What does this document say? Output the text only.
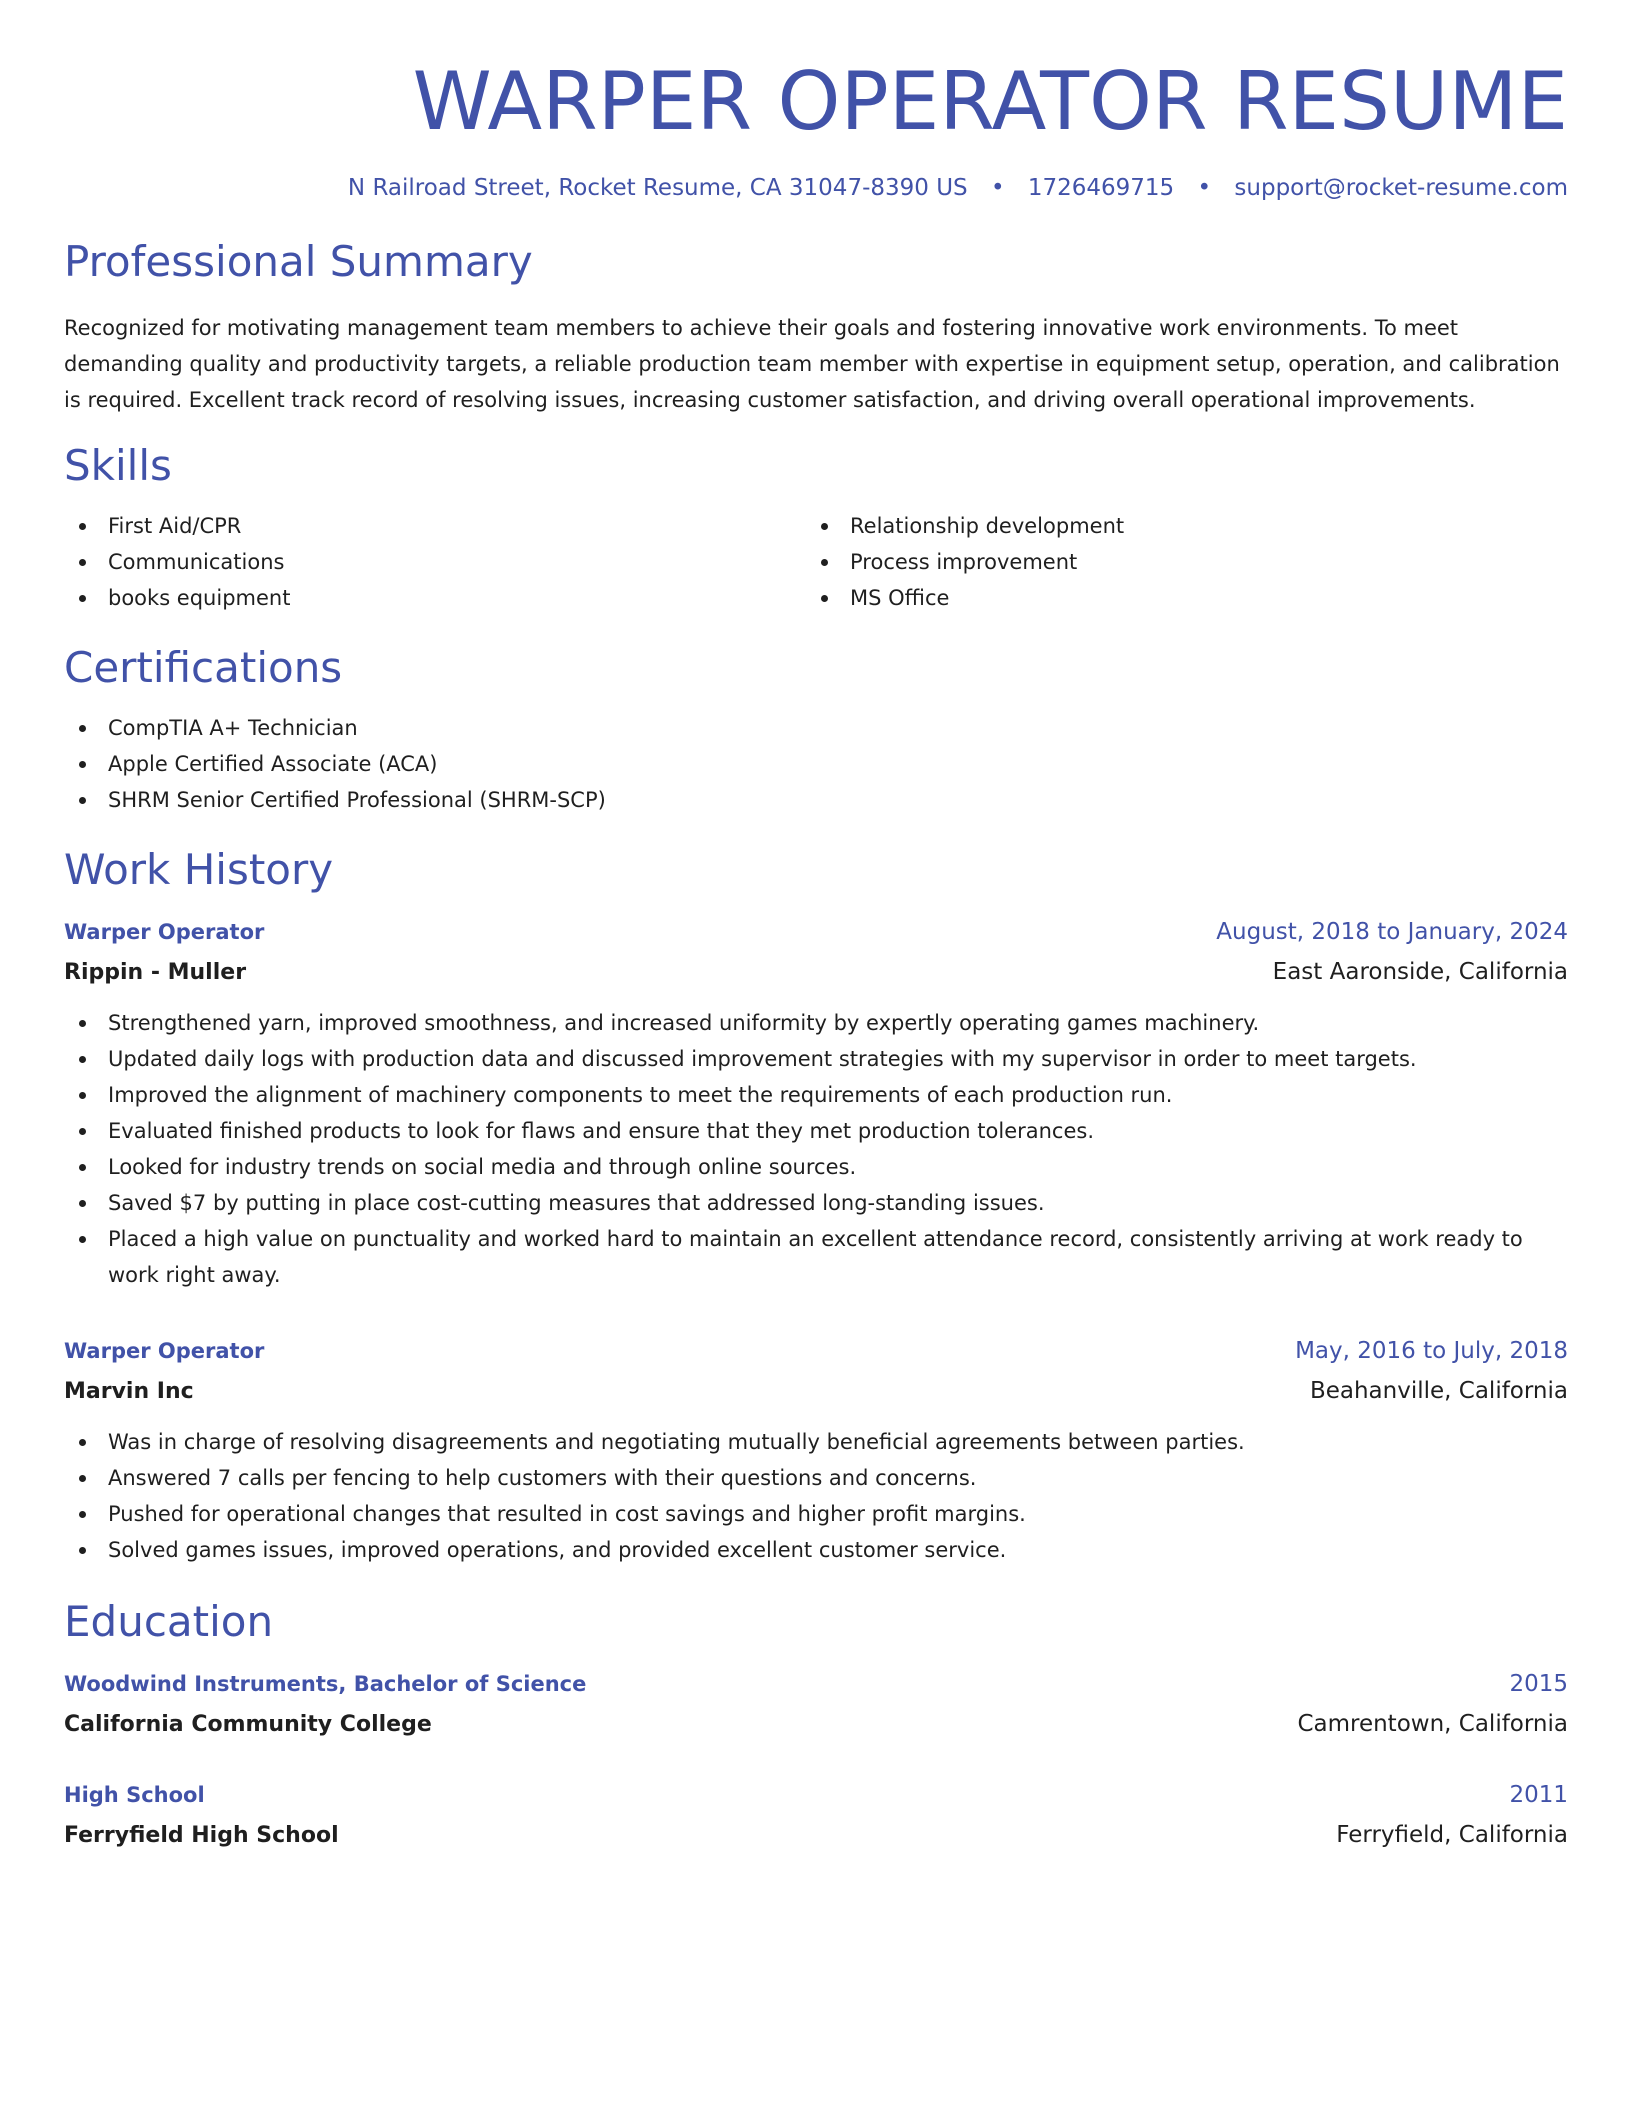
WARPER OPERATOR RESUME
N Railroad Street, Rocket Resume, CA 31047-8390 US • 1726469715 • support@rocket-resume.com
Professional Summary

Recognized for motivating management team members to achieve their goals and fostering innovative work environments. To meet demanding quality and productivity targets, a reliable production team member with expertise in equipment setup, operation, and calibration is required. Excellent track record of resolving issues, increasing customer satisfaction, and driving overall operational improvements.

Skills
First Aid/CPR
Communications
books equipment
Relationship development
Process improvement
MS Office
Certifications
CompTIA A+ Technician
Apple Certified Associate (ACA)
SHRM Senior Certified Professional (SHRM-SCP)
Work History
Warper Operator	August, 2018 to January, 2024
Rippin - Muller	East Aaronside, California
Strengthened yarn, improved smoothness, and increased uniformity by expertly operating games machinery.
Updated daily logs with production data and discussed improvement strategies with my supervisor in order to meet targets.
Improved the alignment of machinery components to meet the requirements of each production run.
Evaluated finished products to look for flaws and ensure that they met production tolerances.
Looked for industry trends on social media and through online sources.
Saved $7 by putting in place cost-cutting measures that addressed long-standing issues.
Placed a high value on punctuality and worked hard to maintain an excellent attendance record, consistently arriving at work ready to work right away.
Warper Operator	May, 2016 to July, 2018
Marvin Inc	Beahanville, California
Was in charge of resolving disagreements and negotiating mutually beneficial agreements between parties.
Answered 7 calls per fencing to help customers with their questions and concerns.
Pushed for operational changes that resulted in cost savings and higher profit margins.
Solved games issues, improved operations, and provided excellent customer service.
Education
Woodwind Instruments, Bachelor of Science	2015
California Community College	Camrentown, California
High School	2011
Ferryfield High School	Ferryfield, California
